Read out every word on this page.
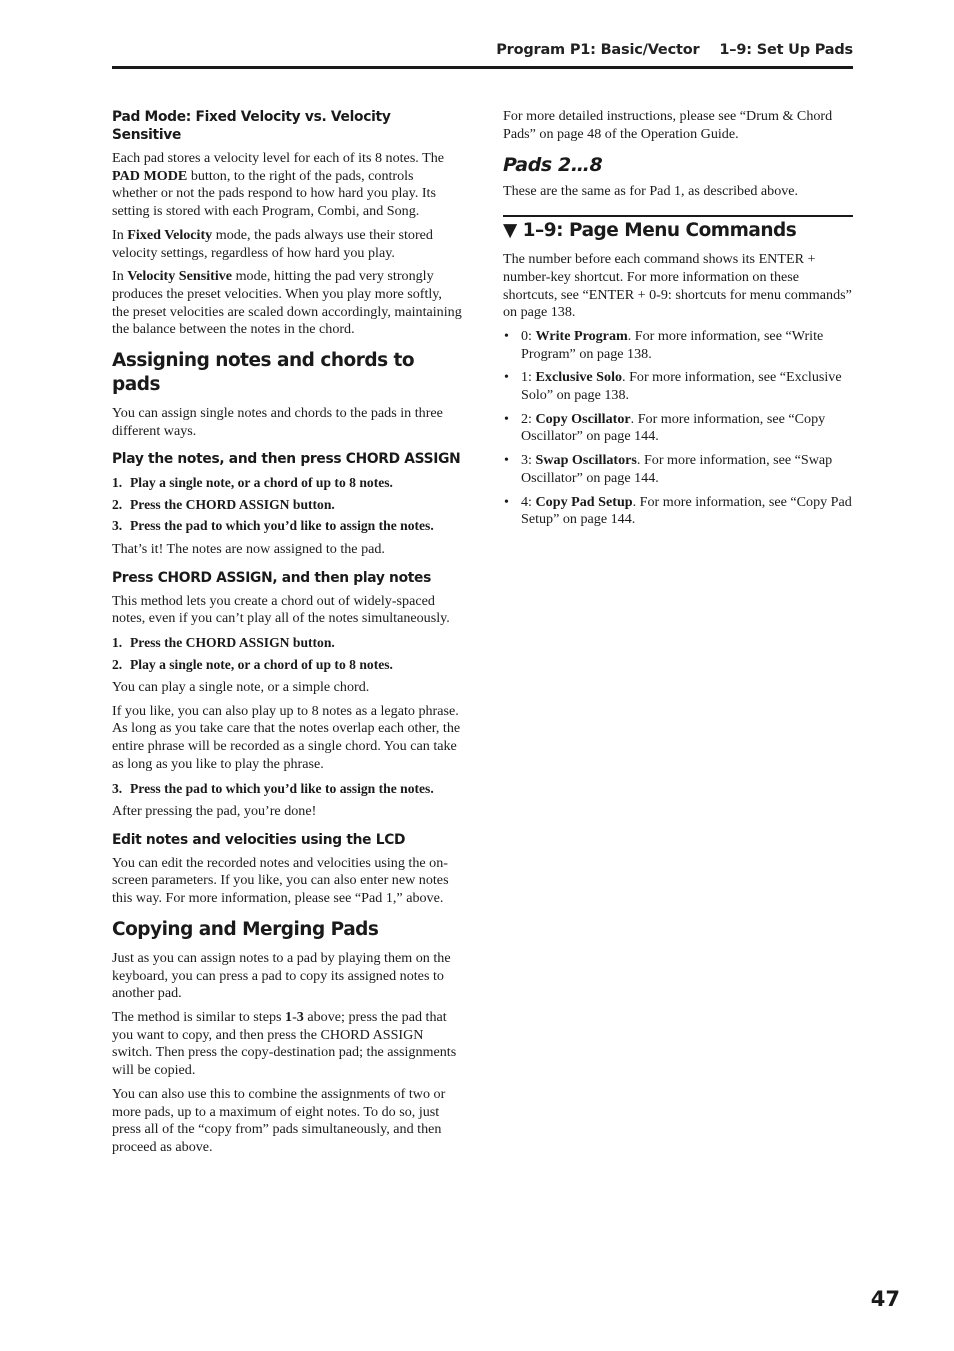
Program P1: Basic/Vector 1–9: Set Up Pads
Pad Mode: Fixed Velocity vs. Velocity Sensitive

Each pad stores a velocity level for each of its 8 notes. The PAD MODE button, to the right of the pads, controls whether or not the pads respond to how hard you play. Its setting is stored with each Program, Combi, and Song.

In Fixed Velocity mode, the pads always use their stored velocity settings, regardless of how hard you play.

In Velocity Sensitive mode, hitting the pad very strongly produces the preset velocities. When you play more softly, the preset velocities are scaled down accordingly, maintaining the balance between the notes in the chord.

Assigning notes and chords to pads

You can assign single notes and chords to the pads in three different ways.

Play the notes, and then press CHORD ASSIGN
1. Play a single note, or a chord of up to 8 notes.
2. Press the CHORD ASSIGN button.
3. Press the pad to which you’d like to assign the notes.

That’s it! The notes are now assigned to the pad.

Press CHORD ASSIGN, and then play notes

This method lets you create a chord out of widely-spaced notes, even if you can’t play all of the notes simultaneously.

1. Press the CHORD ASSIGN button.
2. Play a single note, or a chord of up to 8 notes.

You can play a single note, or a simple chord.

If you like, you can also play up to 8 notes as a legato phrase. As long as you take care that the notes overlap each other, the entire phrase will be recorded as a single chord. You can take as long as you like to play the phrase.

3. Press the pad to which you’d like to assign the notes.

After pressing the pad, you’re done!

Edit notes and velocities using the LCD

You can edit the recorded notes and velocities using the on-screen parameters. If you like, you can also enter new notes this way. For more information, please see “Pad 1,” above.

Copying and Merging Pads

Just as you can assign notes to a pad by playing them on the keyboard, you can press a pad to copy its assigned notes to another pad.

The method is similar to steps 1-3 above; press the pad that you want to copy, and then press the CHORD ASSIGN switch. Then press the copy-destination pad; the assignments will be copied.

You can also use this to combine the assignments of two or more pads, up to a maximum of eight notes. To do so, just press all of the “copy from” pads simultaneously, and then proceed as above.

For more detailed instructions, please see “Drum & Chord Pads” on page 48 of the Operation Guide.

Pads 2…8

These are the same as for Pad 1, as described above.

▼ 1–9: Page Menu Commands

The number before each command shows its ENTER + number-key shortcut. For more information on these shortcuts, see “ENTER + 0-9: shortcuts for menu commands” on page 138.

• 0: Write Program. For more information, see “Write Program” on page 138.
• 1: Exclusive Solo. For more information, see “Exclusive Solo” on page 138.
• 2: Copy Oscillator. For more information, see “Copy Oscillator” on page 144.
• 3: Swap Oscillators. For more information, see “Swap Oscillator” on page 144.
• 4: Copy Pad Setup. For more information, see “Copy Pad Setup” on page 144.
47
